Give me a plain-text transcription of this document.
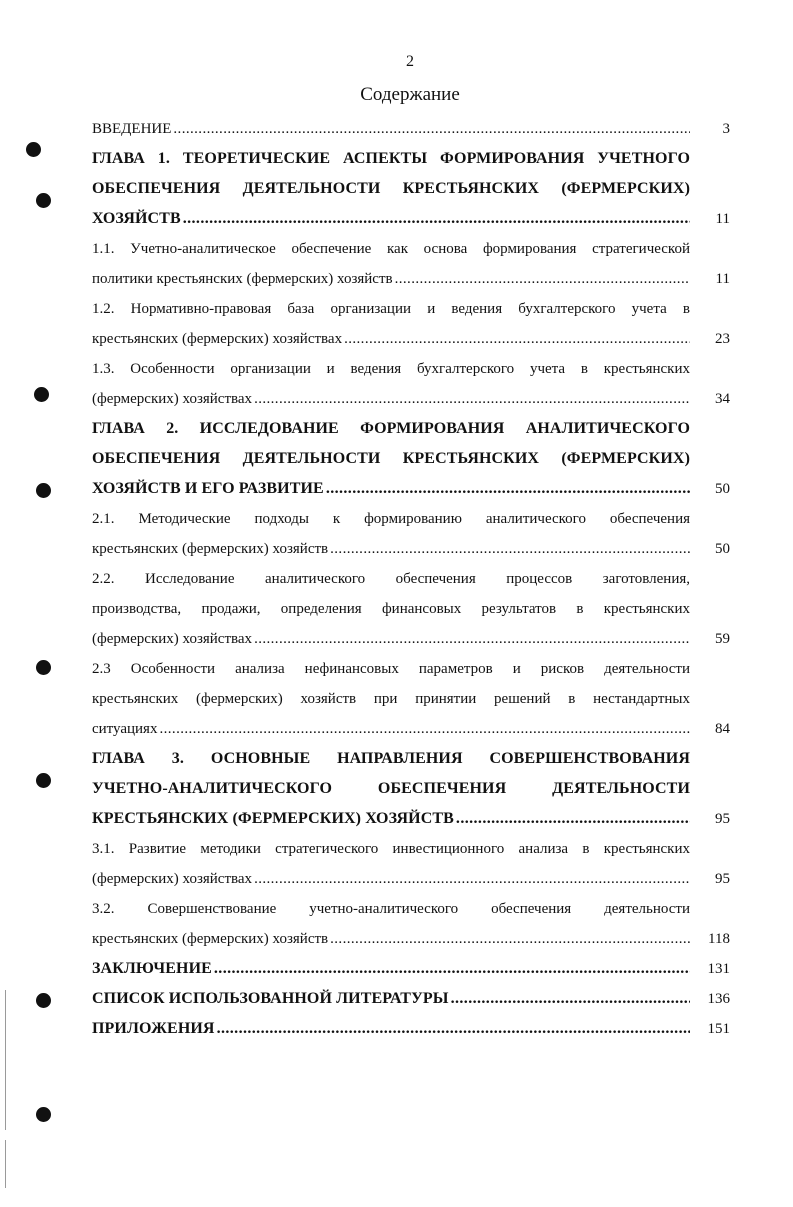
2
Содержание
ВВЕДЕНИЕ .....	3
ГЛАВА 1. ТЕОРЕТИЧЕСКИЕ АСПЕКТЫ ФОРМИРОВАНИЯ УЧЕТНОГО
ОБЕСПЕЧЕНИЯ ДЕЯТЕЛЬНОСТИ КРЕСТЬЯНСКИХ (ФЕРМЕРСКИХ)
ХОЗЯЙСТВ .....	11
1.1. Учетно-аналитическое обеспечение как основа формирования стратегической
политики крестьянских (фермерских) хозяйств .....	11
1.2. Нормативно-правовая база организации и ведения бухгалтерского учета в
крестьянских (фермерских) хозяйствах .....	23
1.3. Особенности организации и ведения бухгалтерского учета в крестьянских
(фермерских) хозяйствах .....	34
ГЛАВА 2. ИССЛЕДОВАНИЕ ФОРМИРОВАНИЯ АНАЛИТИЧЕСКОГО
ОБЕСПЕЧЕНИЯ ДЕЯТЕЛЬНОСТИ КРЕСТЬЯНСКИХ (ФЕРМЕРСКИХ)
ХОЗЯЙСТВ И ЕГО РАЗВИТИЕ .....	50
2.1. Методические подходы к формированию аналитического обеспечения
крестьянских (фермерских) хозяйств .....	50
2.2. Исследование аналитического обеспечения процессов заготовления,
производства, продажи, определения финансовых результатов в крестьянских
(фермерских) хозяйствах .....	59
2.3 Особенности анализа нефинансовых параметров и рисков деятельности
крестьянских (фермерских) хозяйств при принятии решений в нестандартных
ситуациях .....	84
ГЛАВА 3. ОСНОВНЫЕ НАПРАВЛЕНИЯ СОВЕРШЕНСТВОВАНИЯ
УЧЕТНО-АНАЛИТИЧЕСКОГО ОБЕСПЕЧЕНИЯ ДЕЯТЕЛЬНОСТИ
КРЕСТЬЯНСКИХ (ФЕРМЕРСКИХ) ХОЗЯЙСТВ .....	95
3.1. Развитие методики стратегического инвестиционного анализа в крестьянских
(фермерских) хозяйствах .....	95
3.2. Совершенствование учетно-аналитического обеспечения деятельности
крестьянских (фермерских) хозяйств .....	118
ЗАКЛЮЧЕНИЕ .....	131
СПИСОК ИСПОЛЬЗОВАННОЙ ЛИТЕРАТУРЫ .....	136
ПРИЛОЖЕНИЯ .....	151
